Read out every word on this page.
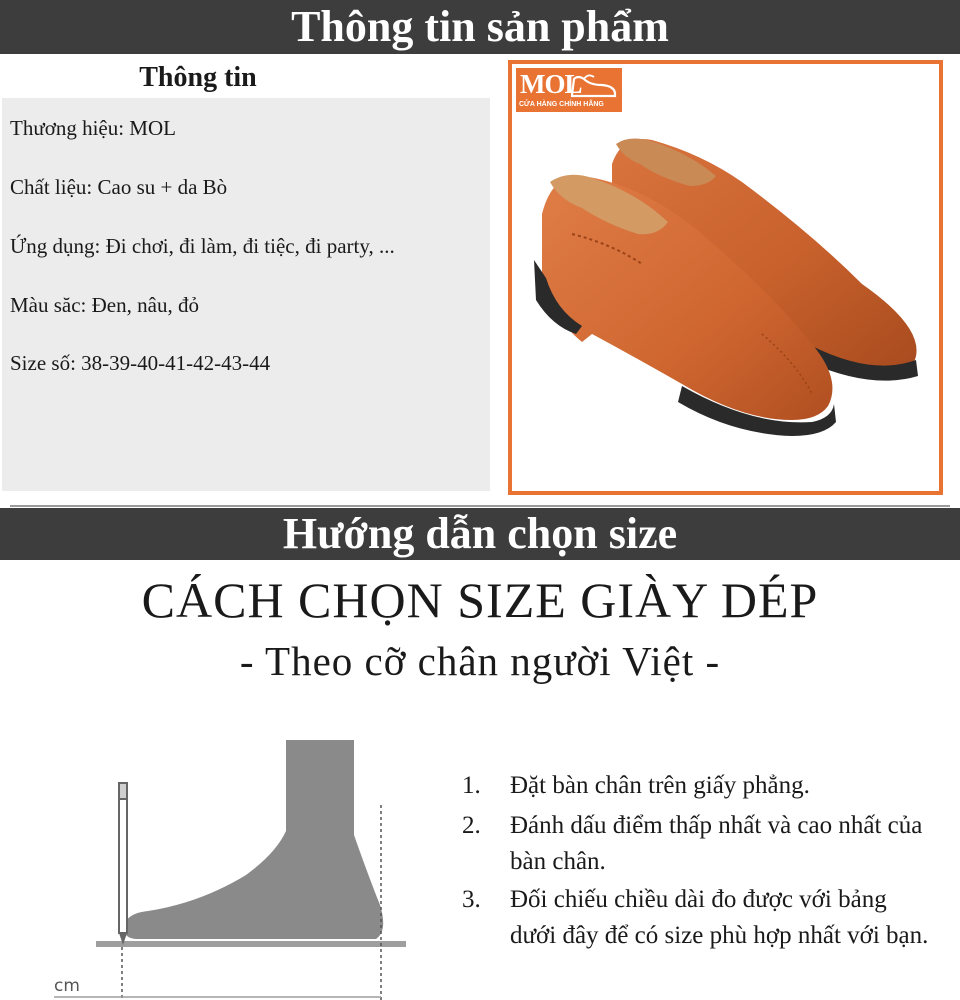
Thông tin sản phẩm
Thông tin
Thương hiệu: MOL
Chất liệu: Cao su + da Bò
Ứng dụng: Đi chơi, đi làm, đi tiệc, đi party, ...
Màu săc: Đen, nâu, đỏ
Size số: 38-39-40-41-42-43-44
MOL
CỬA HÀNG CHÍNH HÃNG
Hướng dẫn chọn size
CÁCH CHỌN SIZE GIÀY DÉP
- Theo cỡ chân người Việt -
cm
1.	Đặt bàn chân trên giấy phẳng.
2.	Đánh dấu điểm thấp nhất và cao nhất của bàn chân.
3.	Đối chiếu chiều dài đo được với bảng dưới đây để có size phù hợp nhất với bạn.
